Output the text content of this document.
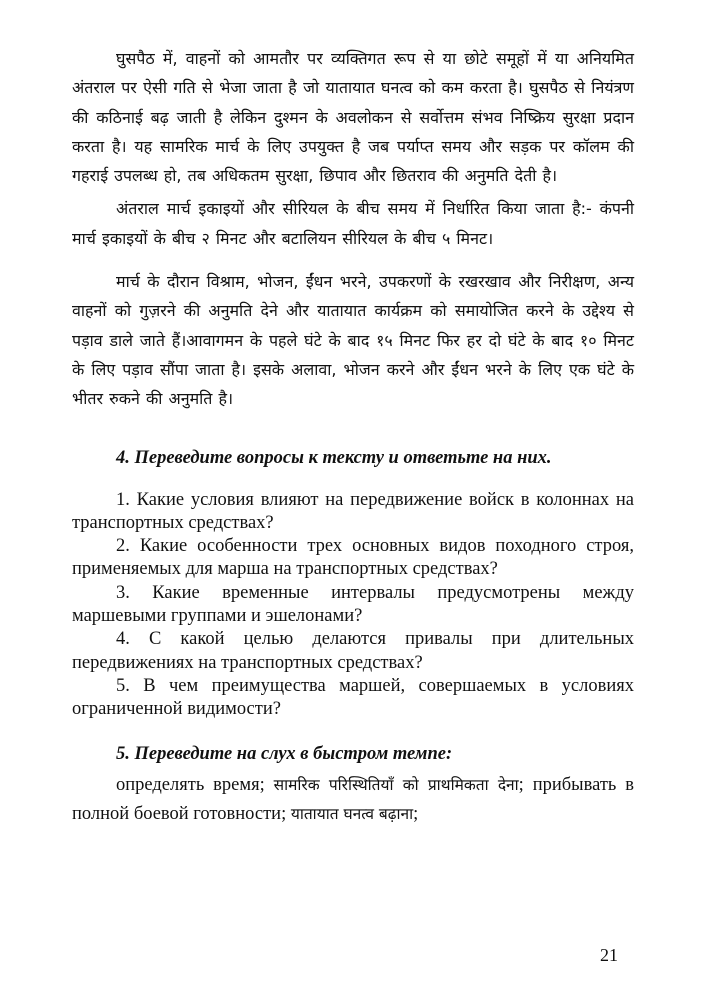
घुसपैठ में, वाहनों को आमतौर पर व्यक्तिगत रूप से या छोटे समूहों में या अनियमित अंतराल पर ऐसी गति से भेजा जाता है जो यातायात घनत्व को कम करता है। घुसपैठ से नियंत्रण की कठिनाई बढ़ जाती है लेकिन दुश्मन के अवलोकन से सर्वोत्तम संभव निष्क्रिय सुरक्षा प्रदान करता है। यह सामरिक मार्च के लिए उपयुक्त है जब पर्याप्त समय और सड़क पर कॉलम की गहराई उपलब्ध हो, तब अधिकतम सुरक्षा, छिपाव और छितराव की अनुमति देती है।

अंतराल मार्च इकाइयों और सीरियल के बीच समय में निर्धारित किया जाता है:- कंपनी मार्च इकाइयों के बीच २ मिनट और बटालियन सीरियल के बीच ५ मिनट।

मार्च के दौरान विश्राम, भोजन, ईंधन भरने, उपकरणों के रखरखाव और निरीक्षण, अन्य वाहनों को गुज़रने की अनुमति देने और यातायात कार्यक्रम को समायोजित करने के उद्देश्य से पड़ाव डाले जाते हैं।आवागमन के पहले घंटे के बाद १५ मिनट फिर हर दो घंटे के बाद १० मिनट के लिए पड़ाव सौंपा जाता है। इसके अलावा, भोजन करने और ईंधन भरने के लिए एक घंटे के भीतर रुकने की अनुमति है।

4. Переведите вопросы к тексту и ответьте на них.

1. Какие условия влияют на передвижение войск в колоннах на транспортных средствах?

2. Какие особенности трех основных видов походного строя, применяемых для марша на транспортных средствах?

3. Какие временные интервалы предусмотрены между маршевыми группами и эшелонами?

4. С какой целью делаются привалы при длительных передвижениях на транспортных средствах?

5. В чем преимущества маршей, совершаемых в условиях ограниченной видимости?

5. Переведите на слух в быстром темпе:

определять время; सामरिक परिस्थितियाँ को प्राथमिकता देना; прибывать в полной боевой готовности; यातायात घनत्व बढ़ाना;

21
